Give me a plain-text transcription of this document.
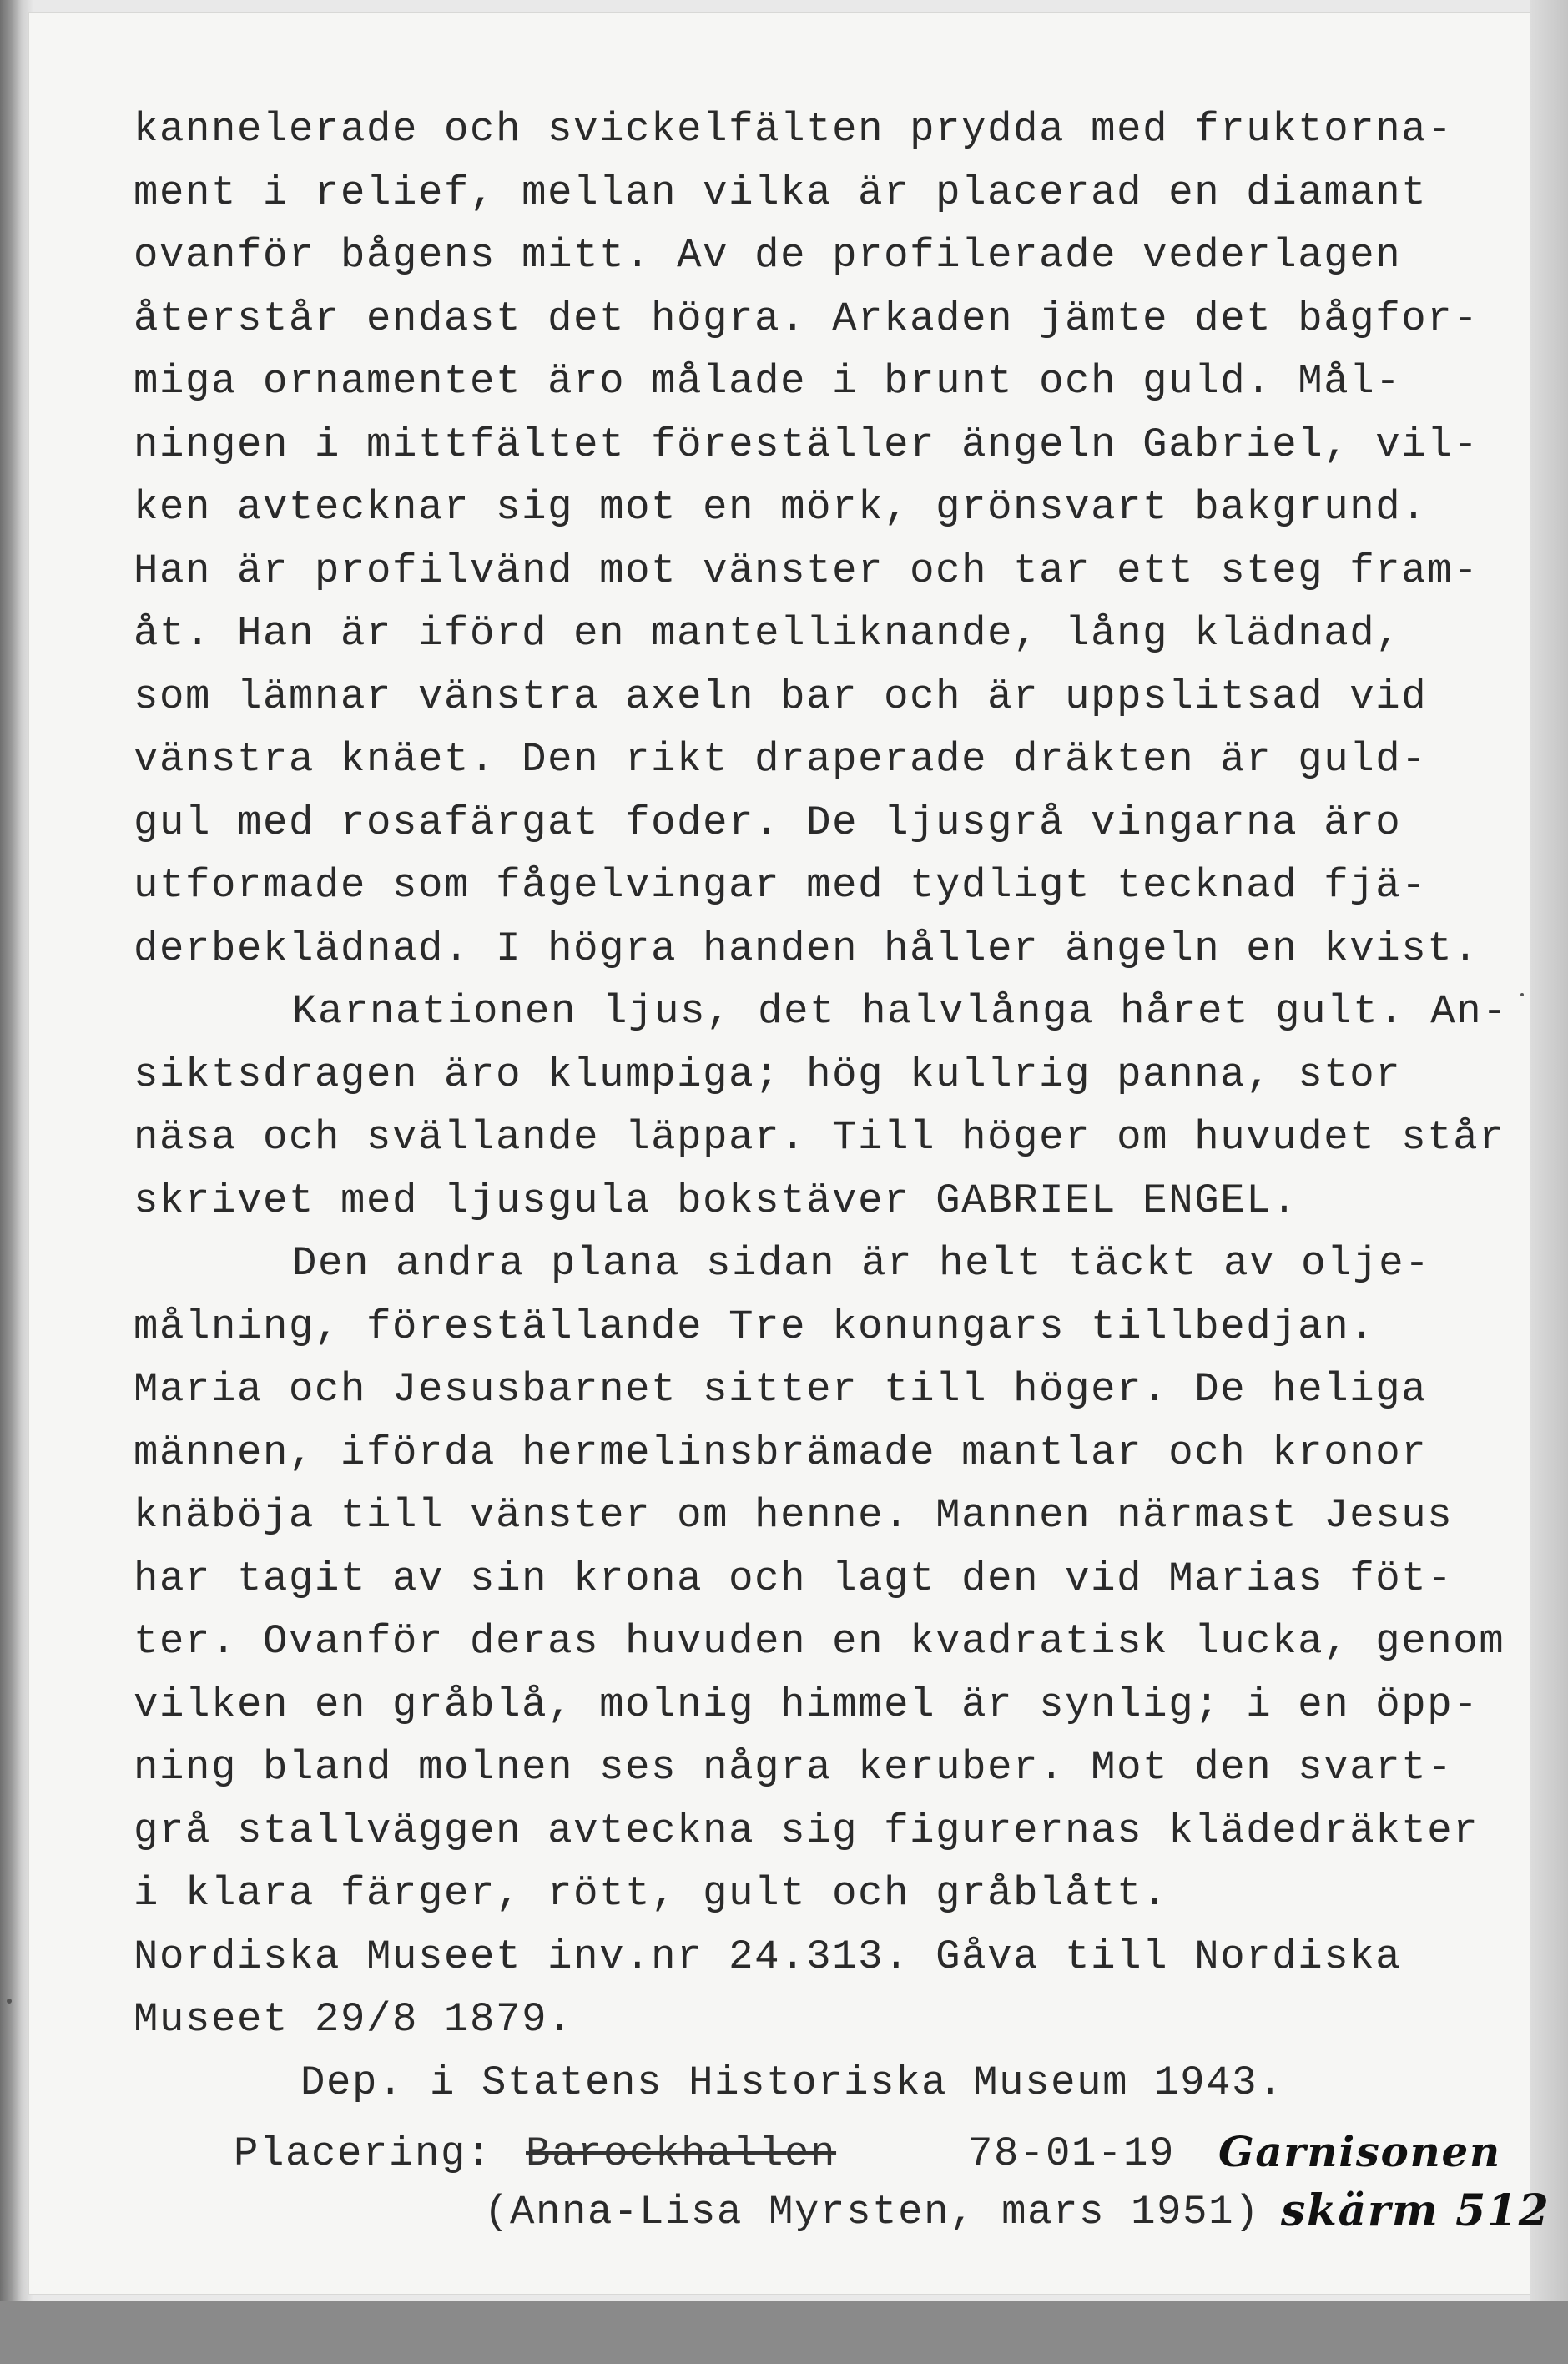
kannelerade och svickelfälten prydda med fruktorna-
ment i relief, mellan vilka är placerad en diamant
ovanför bågens mitt. Av de profilerade vederlagen
återstår endast det högra. Arkaden jämte det bågfor-
miga ornamentet äro målade i brunt och guld. Mål-
ningen i mittfältet föreställer ängeln Gabriel, vil-
ken avtecknar sig mot en mörk, grönsvart bakgrund.
Han är profilvänd mot vänster och tar ett steg fram-
åt. Han är iförd en mantelliknande, lång klädnad,
som lämnar vänstra axeln bar och är uppslitsad vid
vänstra knäet. Den rikt draperade dräkten är guld-
gul med rosafärgat foder. De ljusgrå vingarna äro
utformade som fågelvingar med tydligt tecknad fjä-
derbeklädnad. I högra handen håller ängeln en kvist.
Karnationen ljus, det halvlånga håret gult. An-
siktsdragen äro klumpiga; hög kullrig panna, stor
näsa och svällande läppar. Till höger om huvudet står
skrivet med ljusgula bokstäver GABRIEL ENGEL.
Den andra plana sidan är helt täckt av olje-
målning, föreställande Tre konungars tillbedjan.
Maria och Jesusbarnet sitter till höger. De heliga
männen, iförda hermelinsbrämade mantlar och kronor
knäböja till vänster om henne. Mannen närmast Jesus
har tagit av sin krona och lagt den vid Marias föt-
ter. Ovanför deras huvuden en kvadratisk lucka, genom
vilken en gråblå, molnig himmel är synlig; i en öpp-
ning bland molnen ses några keruber. Mot den svart-
grå stallväggen avteckna sig figurernas klädedräkter
i klara färger, rött, gult och gråblått.
Nordiska Museet inv.nr 24.313. Gåva till Nordiska
Museet 29/8 1879.
Dep. i Statens Historiska Museum 1943.

Placering:

Barockhallen

	78-01-19

Garnisonen

(Anna-Lisa Myrsten, mars 1951)

skärm 512
